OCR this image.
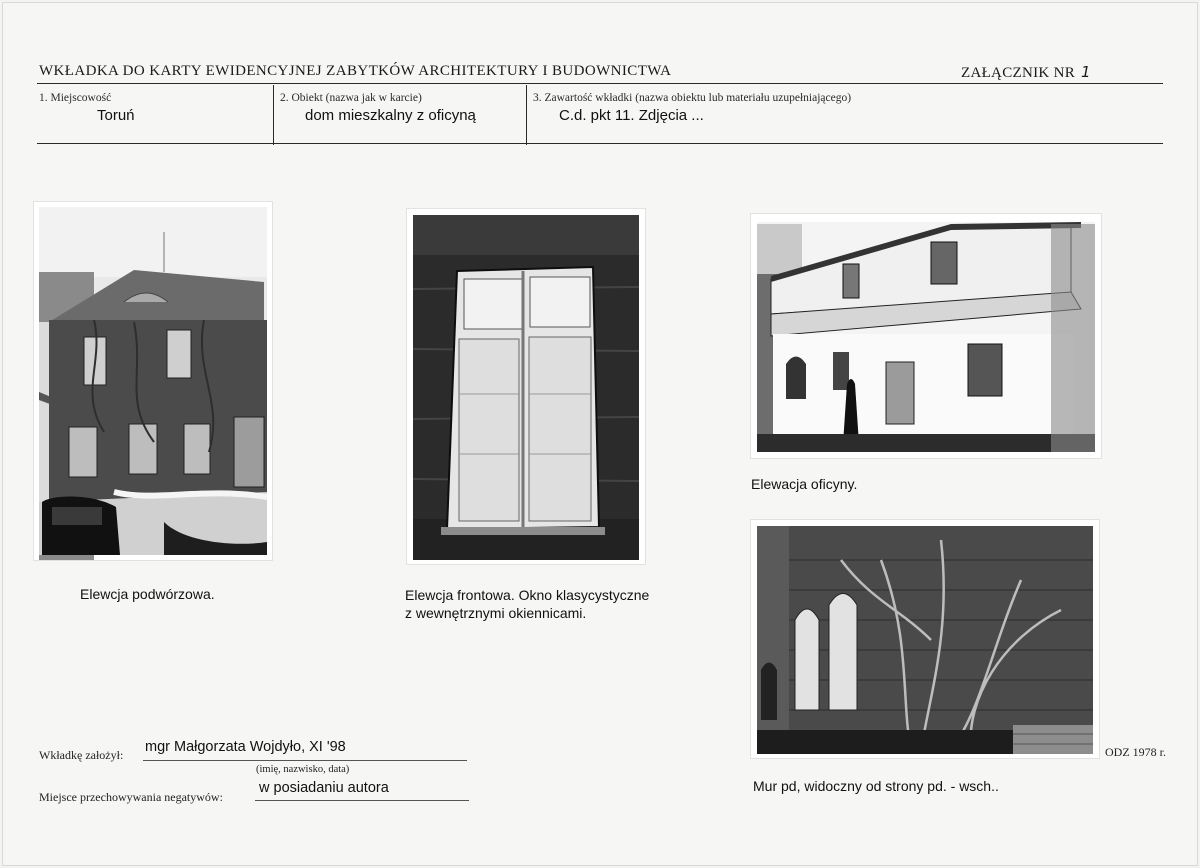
WKŁADKA DO KARTY EWIDENCYJNEJ ZABYTKÓW ARCHITEKTURY I BUDOWNICTWA	ZAŁĄCZNIK NR 1
1. Miejscowość
Toruń
2. Obiekt (nazwa jak w karcie)
dom mieszkalny z oficyną
3. Zawartość wkładki (nazwa obiektu lub materiału uzupełniającego)
C.d. pkt 11. Zdjęcia ...
Elewcja podwórzowa.	Elewcja frontowa. Okno klasycystyczne
z wewnętrznymi okiennicami.
Elewacja oficyny.
Mur pd, widoczny od strony pd. - wsch..
Wkładkę założył: mgr Małgorzata Wojdyło, XI '98
(imię, nazwisko, data)
Miejsce przechowywania negatywów:
w posiadaniu autora
ODZ 1978 r.
